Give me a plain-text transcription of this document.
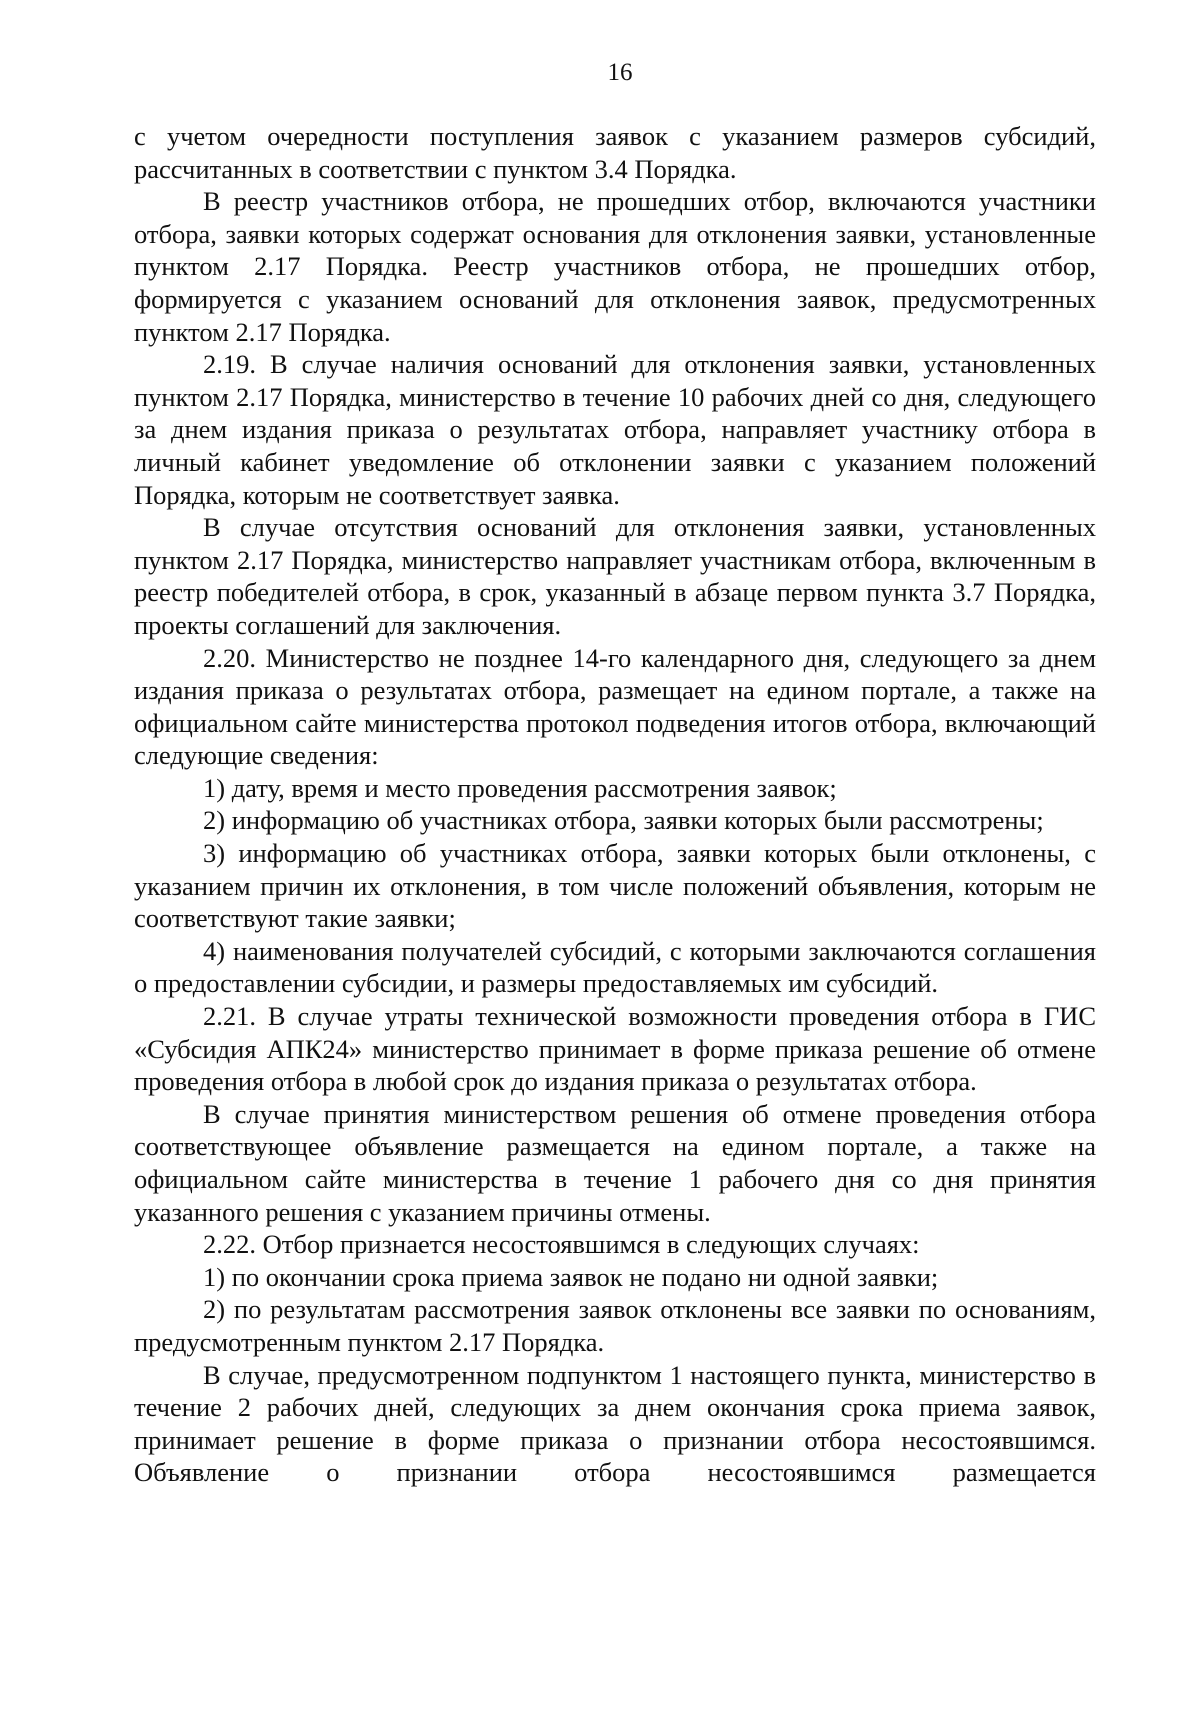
16

с учетом очередности поступления заявок с указанием размеров субсидий, рассчитанных в соответствии с пунктом 3.4 Порядка.

В реестр участников отбора, не прошедших отбор, включаются участники отбора, заявки которых содержат основания для отклонения заявки, установленные пунктом 2.17 Порядка. Реестр участников отбора, не прошедших отбор, формируется с указанием оснований для отклонения заявок, предусмотренных пунктом 2.17 Порядка.

2.19. В случае наличия оснований для отклонения заявки, установленных пунктом 2.17 Порядка, министерство в течение 10 рабочих дней со дня, следующего за днем издания приказа о результатах отбора, направляет участнику отбора в личный кабинет уведомление об отклонении заявки с указанием положений Порядка, которым не соответствует заявка.

В случае отсутствия оснований для отклонения заявки, установленных пунктом 2.17 Порядка, министерство направляет участникам отбора, включенным в реестр победителей отбора, в срок, указанный в абзаце первом пункта 3.7 Порядка, проекты соглашений для заключения.

2.20. Министерство не позднее 14-го календарного дня, следующего за днем издания приказа о результатах отбора, размещает на едином портале, а также на официальном сайте министерства протокол подведения итогов отбора, включающий следующие сведения:

1) дату, время и место проведения рассмотрения заявок;

2) информацию об участниках отбора, заявки которых были рассмотрены;

3) информацию об участниках отбора, заявки которых были отклонены, с указанием причин их отклонения, в том числе положений объявления, которым не соответствуют такие заявки;

4) наименования получателей субсидий, с которыми заключаются соглашения о предоставлении субсидии, и размеры предоставляемых им субсидий.

2.21. В случае утраты технической возможности проведения отбора в ГИС «Субсидия АПК24» министерство принимает в форме приказа решение об отмене проведения отбора в любой срок до издания приказа о результатах отбора.

В случае принятия министерством решения об отмене проведения отбора соответствующее объявление размещается на едином портале, а также на официальном сайте министерства в течение 1 рабочего дня со дня принятия указанного решения с указанием причины отмены.

2.22. Отбор признается несостоявшимся в следующих случаях:

1) по окончании срока приема заявок не подано ни одной заявки;

2) по результатам рассмотрения заявок отклонены все заявки по основаниям, предусмотренным пунктом 2.17 Порядка.

В случае, предусмотренном подпунктом 1 настоящего пункта, министерство в течение 2 рабочих дней, следующих за днем окончания срока приема заявок, принимает решение в форме приказа о признании отбора несостоявшимся. Объявление о признании отбора несостоявшимся размещается
